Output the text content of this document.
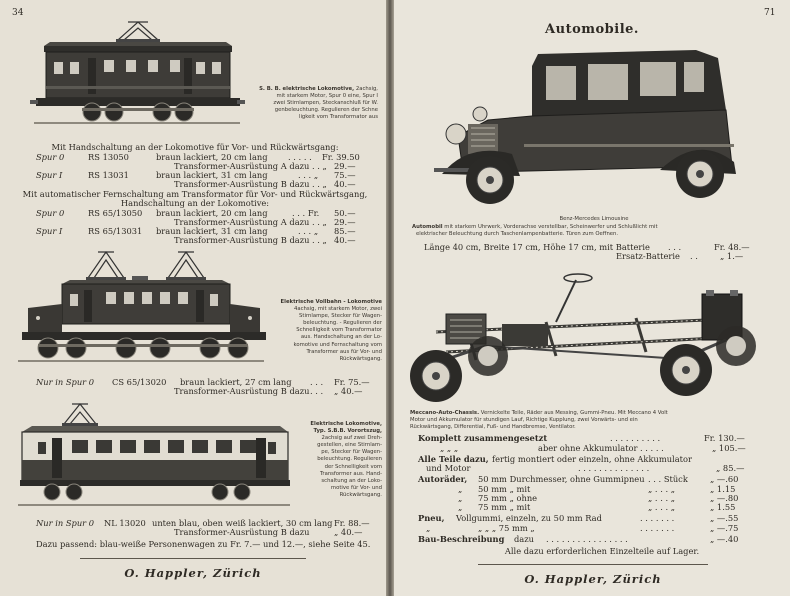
34
S. B. B. elektrische Lokomotive, 2achsig,
mit starkem Motor, Spur 0 eine, Spur I
zwei Stirnlampen, Steckanschluß für W.
genbeleuchtung. Regulieren der Schne
ligkeit vom Transformator aus
Mit Handschaltung an der Lokomotive für Vor- und Rückwärtsgang:
Spur 0	RS 13050	braun lackiert, 20 cm lang . . . . . Fr. 39.50
Transformer-Ausrüstung A dazu . . „ 29.—
Spur I	RS 13031	braun lackiert, 31 cm lang	. . . „ 75.—
Transformer-Ausrüstung B dazu . . „ 40.—
Mit automatischer Fernschaltung am Transformator für Vor- und Rückwärtsgang,
Handschaltung an der Lokomotive:
Spur 0	RS 65/13050 braun lackiert, 20 cm lang	. . . Fr. 50.—
Transformer-Ausrüstung A dazu . . „ 29.—
Spur I	RS 65/13031 braun lackiert, 31 cm lang	. . . „ 85.—
Transformer-Ausrüstung B dazu . . „ 40.—
Elektrische Vollbahn - Lokomotive
4achsig, mit starkem Motor, zwei
Stirnlampe, Stecker für Wagen-
beleuchtung. - Regulieren der
Schnelligkeit vom Transformator
aus. Handschaltung an der Lo-
komotive und Fernschaltung vom
Transformer aus für Vor- und
Rückwärtsgang.
Nur in Spur 0 CS 65/13020 braun lackiert, 27 cm lang . . . Fr. 75.—
Transformer-Ausrüstung B dazu . . . „ 40.—
Elektrische Lokomotive,
Typ. S.B.B. Vorortszug,
2achsig auf zwei Dreh-
gestellen, eine Stirnlam-
pe, Stecker für Wagen-
beleuchtung. Regulieren
der Schnelligkeit vom
Transformer aus. Hand-
schaltung an der Loko-
motive für Vor- und
Rückwärtsgang.
Nur in Spur 0 NL 13020 unten blau, oben weiß lackiert, 30 cm lang Fr. 88.—
Transformer-Ausrüstung B dazu	„ 40.—
Dazu passend: blau-weiße Personenwagen zu Fr. 7.— und 12.—, siehe Seite 45.
O. Happler, Zürich
71
Automobile.
Benz-Mercedes Limousine
Automobil mit starkem Uhrwerk, Vorderachse verstellbar, Scheinwerfer und Schlußlicht mit
elektrischer Beleuchtung durch Taschenlampenbatterie. Türen zum Oeffnen.
Länge 40 cm, Breite 17 cm, Höhe 17 cm, mit Batterie . . .	Fr. 48.—
Ersatz-Batterie . .	„ 1.—
Meccano-Auto-Chassis. Vernickelte Teile, Räder aus Messing, Gummi-Pneu. Mit Meccano 4 Volt
Motor und Akkumulator für stundigen Lauf, Richtige Kupplung, zwei Vorwärts- und ein
Rückwärtsgang, Differential, Fuß- und Handbremse, Ventilator.
Komplett zusammengesetzt	. . . . . . . . . .	Fr. 130.—
„ „ „	aber ohne Akkumulator . . . . .	„ 105.—
Alle Teile dazu, fertig montiert oder einzeln, ohne Akkumulator
und Motor	. . . . . . . . . . . . . .	„ 85.—
Autoräder, 50 mm Durchmesser, ohne Gummipneu . . . Stück	„ —.60
„ 50 mm „ mit	„ . . . „	„ 1.15
„ 75 mm „ ohne	„ . . . „	„ —.80
„ 75 mm „ mit	„ . . . „	„ 1.55
Pneu, Vollgummi, einzeln, zu 50 mm Rad	. . . . . . .	„ —.55
„	„ „ „ 75 mm „	. . . . . . .	„ —.75
Bau-Beschreibung dazu . . . . . . . . . . . . . . . .	„ —.40
Alle dazu erforderlichen Einzelteile auf Lager.
O. Happler, Zürich
